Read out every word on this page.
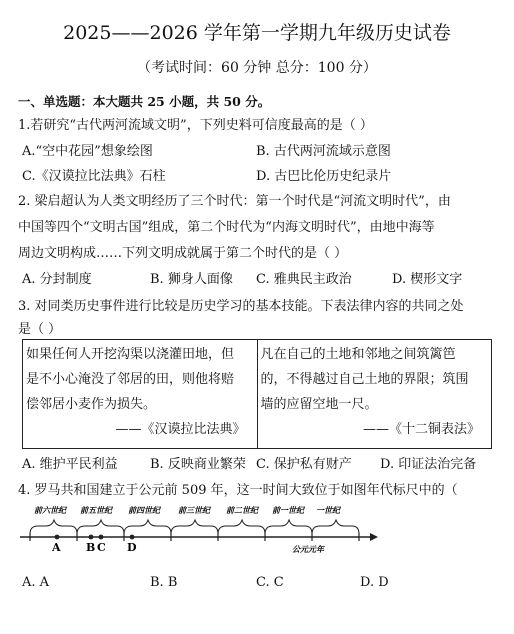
2025——2026 学年第一学期九年级历史试卷
（考试时间：60 分钟 总分：100 分）
一、单选题：本大题共 25 小题，共 50 分。
1.若研究“古代两河流域文明”，下列史料可信度最高的是（ ）
A.“空中花园”想象绘图	B. 古代两河流域示意图
C.《汉谟拉比法典》石柱	D. 古巴比伦历史纪录片
2. 梁启超认为人类文明经历了三个时代：第一个时代是“河流文明时代”，由
中国等四个“文明古国”组成，第二个时代为“内海文明时代”，由地中海等
周边文明构成……下列文明成就属于第二个时代的是（ ）
A. 分封制度	B. 狮身人面像 C. 雅典民主政治	D. 楔形文字
3. 对同类历史事件进行比较是历史学习的基本技能。下表法律内容的共同之处
是（ ）
如果任何人开挖沟渠以浇灌田地，但
是不小心淹没了邻居的田，则他将赔
偿邻居小麦作为损失。
——《汉谟拉比法典》
	凡在自己的土地和邻地之间筑篱笆
的，不得越过自己土地的界限；筑围
墙的应留空地一尺。
——《十二铜表法》
A. 维护平民利益 B. 反映商业繁荣 C. 保护私有财产 D. 印证法治完备
4. 罗马共和国建立于公元前 509 年，这一时间大致位于如图年代标尺中的（
前六世纪 前五世纪 前四世纪 前三世纪 前二世纪 前一世纪 一世纪
A B C D	公元元年
A. A	B. B	C. C	D. D
